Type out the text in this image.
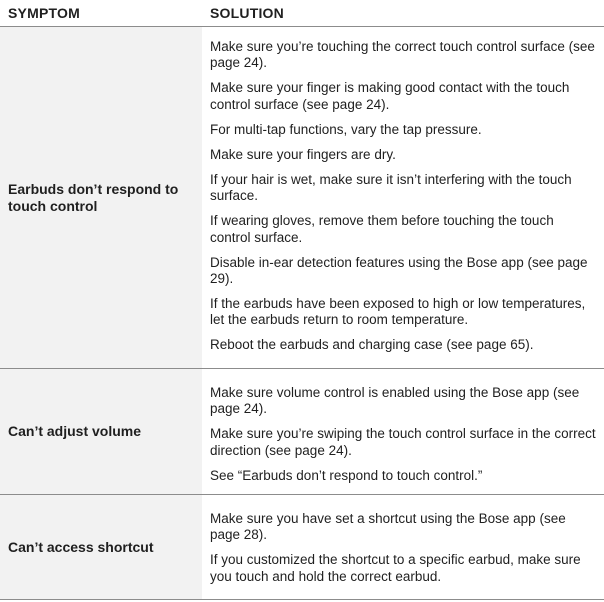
SYMPTOM	SOLUTION
Earbuds don’t respond to touch control

Make sure you’re touching the correct touch control surface (see page 24).

Make sure your finger is making good contact with the touch control surface (see page 24).

For multi-tap functions, vary the tap pressure.

Make sure your fingers are dry.

If your hair is wet, make sure it isn’t interfering with the touch surface.

If wearing gloves, remove them before touching the touch control surface.

Disable in-ear detection features using the Bose app (see page 29).

If the earbuds have been exposed to high or low temperatures, let the earbuds return to room temperature.

Reboot the earbuds and charging case (see page 65).

Can’t adjust volume

Make sure volume control is enabled using the Bose app (see page 24).

Make sure you’re swiping the touch control surface in the correct direction (see page 24).

See “Earbuds don’t respond to touch control.”

Can’t access shortcut

Make sure you have set a shortcut using the Bose app (see page 28).

If you customized the shortcut to a specific earbud, make sure you touch and hold the correct earbud.
